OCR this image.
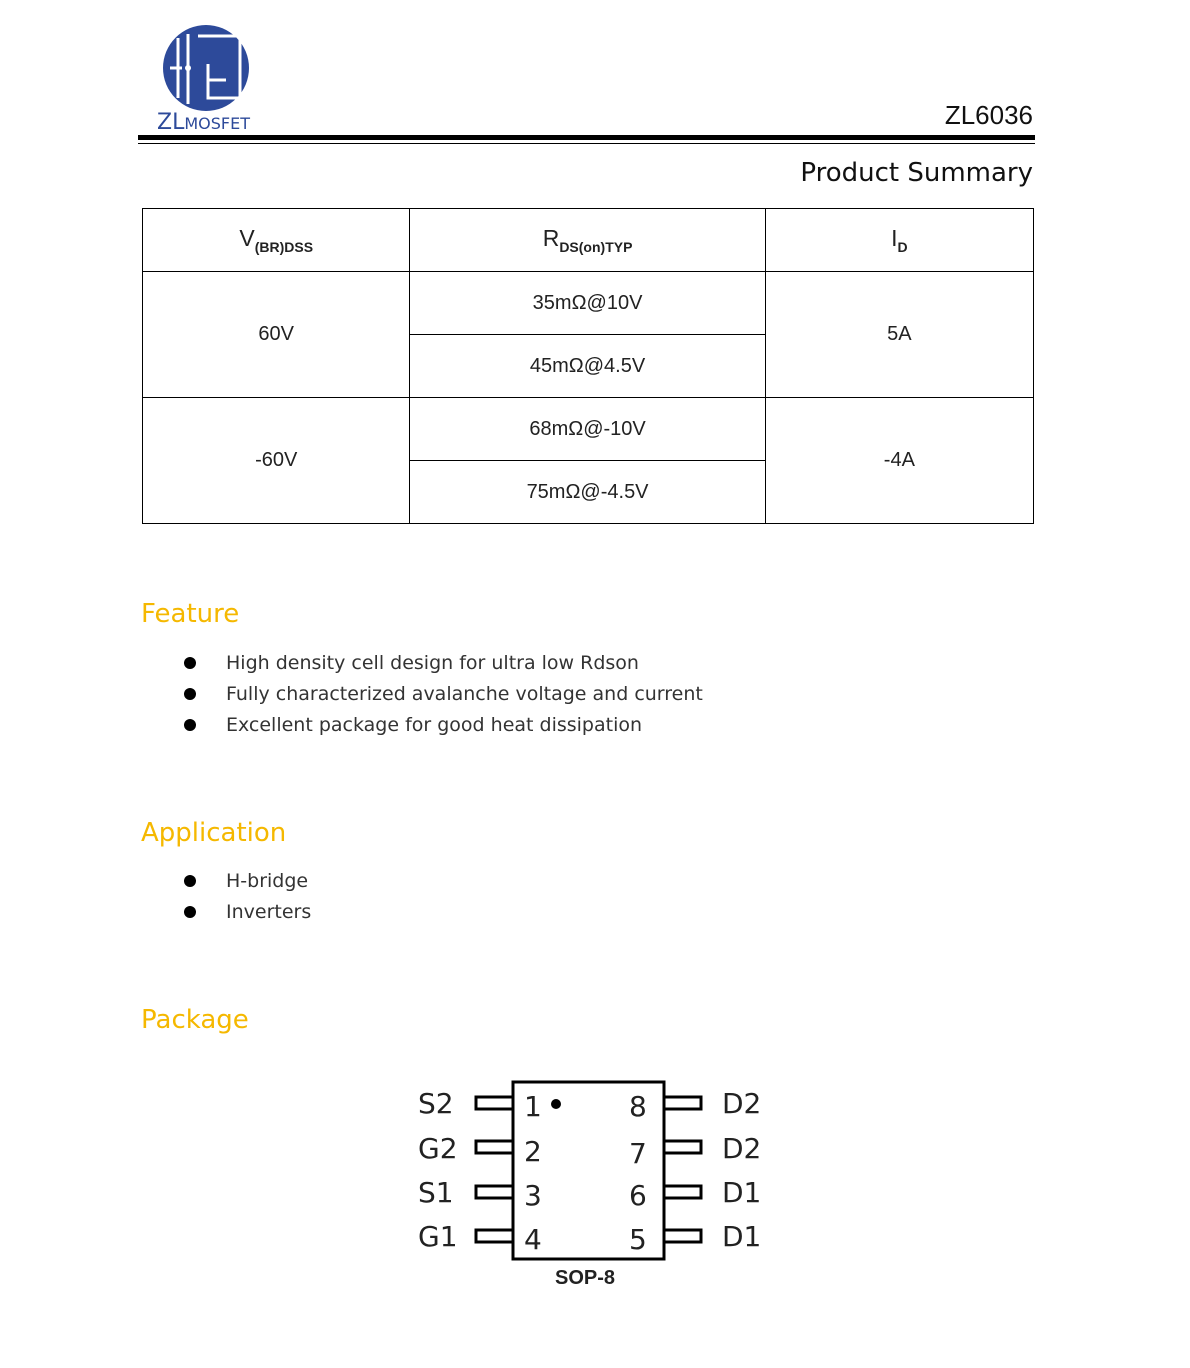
ZLMOSFET	ZL6036
Product Summary
$V_{(BR)DSS}$	$R_{DS(on)TYP}$	$I_D$
60V	35mΩ@10V	5A
	45mΩ@4.5V	
-60V	68mΩ@-10V	-4A
	75mΩ@-4.5V	
Feature
High density cell design for ultra low Rdson
Fully characterized avalanche voltage and current
Excellent package for good heat dissipation
Application
H-bridge
Inverters
Package
S2
G2
S1
G1
1
2
3
4
8
7
6
5
D2
D2
D1
D1
SOP-8
